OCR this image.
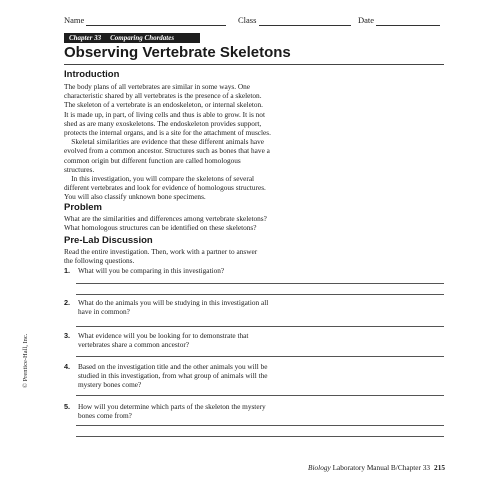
Name	Class	Date
Chapter 33 Comparing Chordates
Observing Vertebrate Skeletons
Introduction

The body plans of all vertebrates are similar in some ways. One
characteristic shared by all vertebrates is the presence of a skeleton.
The skeleton of a vertebrate is an endoskeleton, or internal skeleton.
It is made up, in part, of living cells and thus is able to grow. It is not
shed as are many exoskeletons. The endoskeleton provides support,
protects the internal organs, and is a site for the attachment of muscles.
Skeletal similarities are evidence that these different animals have
evolved from a common ancestor. Structures such as bones that have a
common origin but different function are called homologous
structures.
In this investigation, you will compare the skeletons of several
different vertebrates and look for evidence of homologous structures.
You will also classify unknown bone specimens.

Problem

What are the similarities and differences among vertebrate skeletons?
What homologous structures can be identified on these skeletons?

Pre-Lab Discussion

Read the entire investigation. Then, work with a partner to answer
the following questions.

1. What will you be comparing in this investigation?

2. What do the animals you will be studying in this investigation all
have in common?

3. What evidence will you be looking for to demonstrate that
vertebrates share a common ancestor?

4. Based on the investigation title and the other animals you will be
studied in this investigation, from what group of animals will the
mystery bones come?

5. How will you determine which parts of the skeleton the mystery
bones come from?

© Prentice-Hall, Inc.
Biology Laboratory Manual B/Chapter 33 215
